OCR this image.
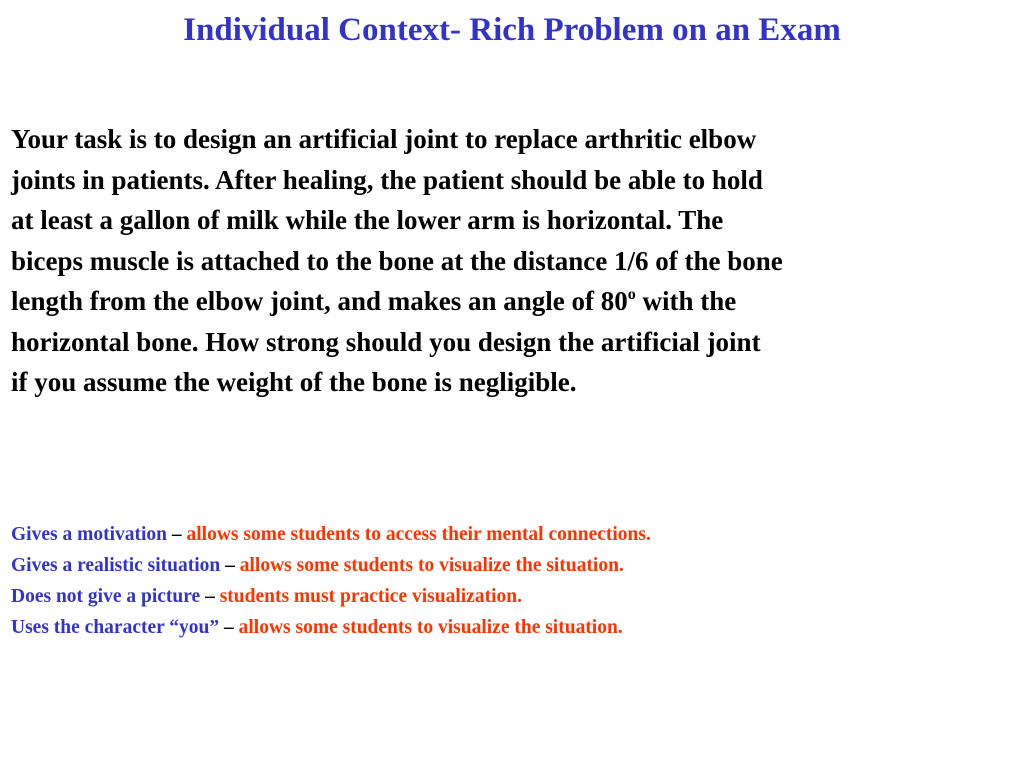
Individual Context- Rich Problem on an Exam
Your task is to design an artificial joint to replace arthritic elbow
joints in patients. After healing, the patient should be able to hold
at least a gallon of milk while the lower arm is horizontal. The
biceps muscle is attached to the bone at the distance 1/6 of the bone
length from the elbow joint, and makes an angle of 80$^o$ with the
horizontal bone. How strong should you design the artificial joint
if you assume the weight of the bone is negligible.
Gives a motivation – allows some students to access their mental connections.
Gives a realistic situation – allows some students to visualize the situation.
Does not give a picture – students must practice visualization.
Uses the character “you” – allows some students to visualize the situation.
